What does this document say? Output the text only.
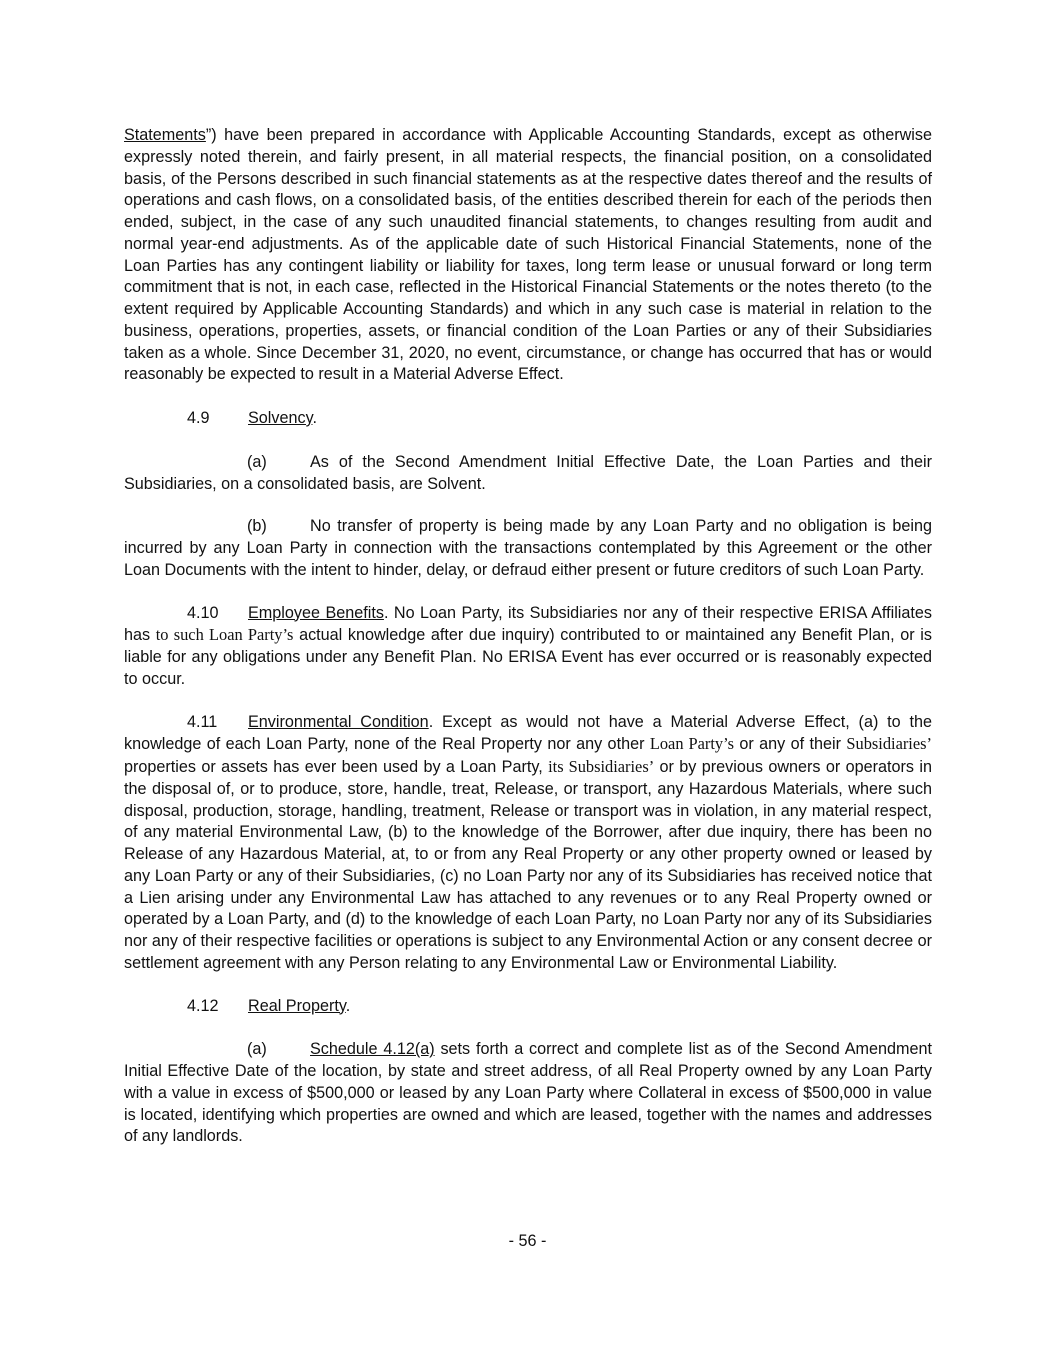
Statements”) have been prepared in accordance with Applicable Accounting Standards, except as otherwise expressly noted therein, and fairly present, in all material respects, the financial position, on a consolidated basis, of the Persons described in such financial statements as at the respective dates thereof and the results of operations and cash flows, on a consolidated basis, of the entities described therein for each of the periods then ended, subject, in the case of any such unaudited financial statements, to changes resulting from audit and normal year-end adjustments. As of the applicable date of such Historical Financial Statements, none of the Loan Parties has any contingent liability or liability for taxes, long term lease or unusual forward or long term commitment that is not, in each case, reflected in the Historical Financial Statements or the notes thereto (to the extent required by Applicable Accounting Standards) and which in any such case is material in relation to the business, operations, properties, assets, or financial condition of the Loan Parties or any of their Subsidiaries taken as a whole. Since December 31, 2020, no event, circumstance, or change has occurred that has or would reasonably be expected to result in a Material Adverse Effect.

4.9 Solvency.

(a)	As of the Second Amendment Initial Effective Date, the Loan Parties and their Subsidiaries, on a consolidated basis, are Solvent.

(b)	No transfer of property is being made by any Loan Party and no obligation is being incurred by any Loan Party in connection with the transactions contemplated by this Agreement or the other Loan Documents with the intent to hinder, delay, or defraud either present or future creditors of such Loan Party.

4.10 Employee Benefits. No Loan Party, its Subsidiaries nor any of their respective ERISA Affiliates has to such Loan Party’s actual knowledge after due inquiry) contributed to or maintained any Benefit Plan, or is liable for any obligations under any Benefit Plan. No ERISA Event has ever occurred or is reasonably expected to occur.

4.11 Environmental Condition. Except as would not have a Material Adverse Effect, (a) to the knowledge of each Loan Party, none of the Real Property nor any other Loan Party’s or any of their Subsidiaries’ properties or assets has ever been used by a Loan Party, its Subsidiaries’ or by previous owners or operators in the disposal of, or to produce, store, handle, treat, Release, or transport, any Hazardous Materials, where such disposal, production, storage, handling, treatment, Release or transport was in violation, in any material respect, of any material Environmental Law, (b) to the knowledge of the Borrower, after due inquiry, there has been no Release of any Hazardous Material, at, to or from any Real Property or any other property owned or leased by any Loan Party or any of their Subsidiaries, (c) no Loan Party nor any of its Subsidiaries has received notice that a Lien arising under any Environmental Law has attached to any revenues or to any Real Property owned or operated by a Loan Party, and (d) to the knowledge of each Loan Party, no Loan Party nor any of its Subsidiaries nor any of their respective facilities or operations is subject to any Environmental Action or any consent decree or settlement agreement with any Person relating to any Environmental Law or Environmental Liability.

4.12 Real Property.

(a)	Schedule 4.12(a) sets forth a correct and complete list as of the Second Amendment Initial Effective Date of the location, by state and street address, of all Real Property owned by any Loan Party with a value in excess of $500,000 or leased by any Loan Party where Collateral in excess of $500,000 in value is located, identifying which properties are owned and which are leased, together with the names and addresses of any landlords.

- 56 -
